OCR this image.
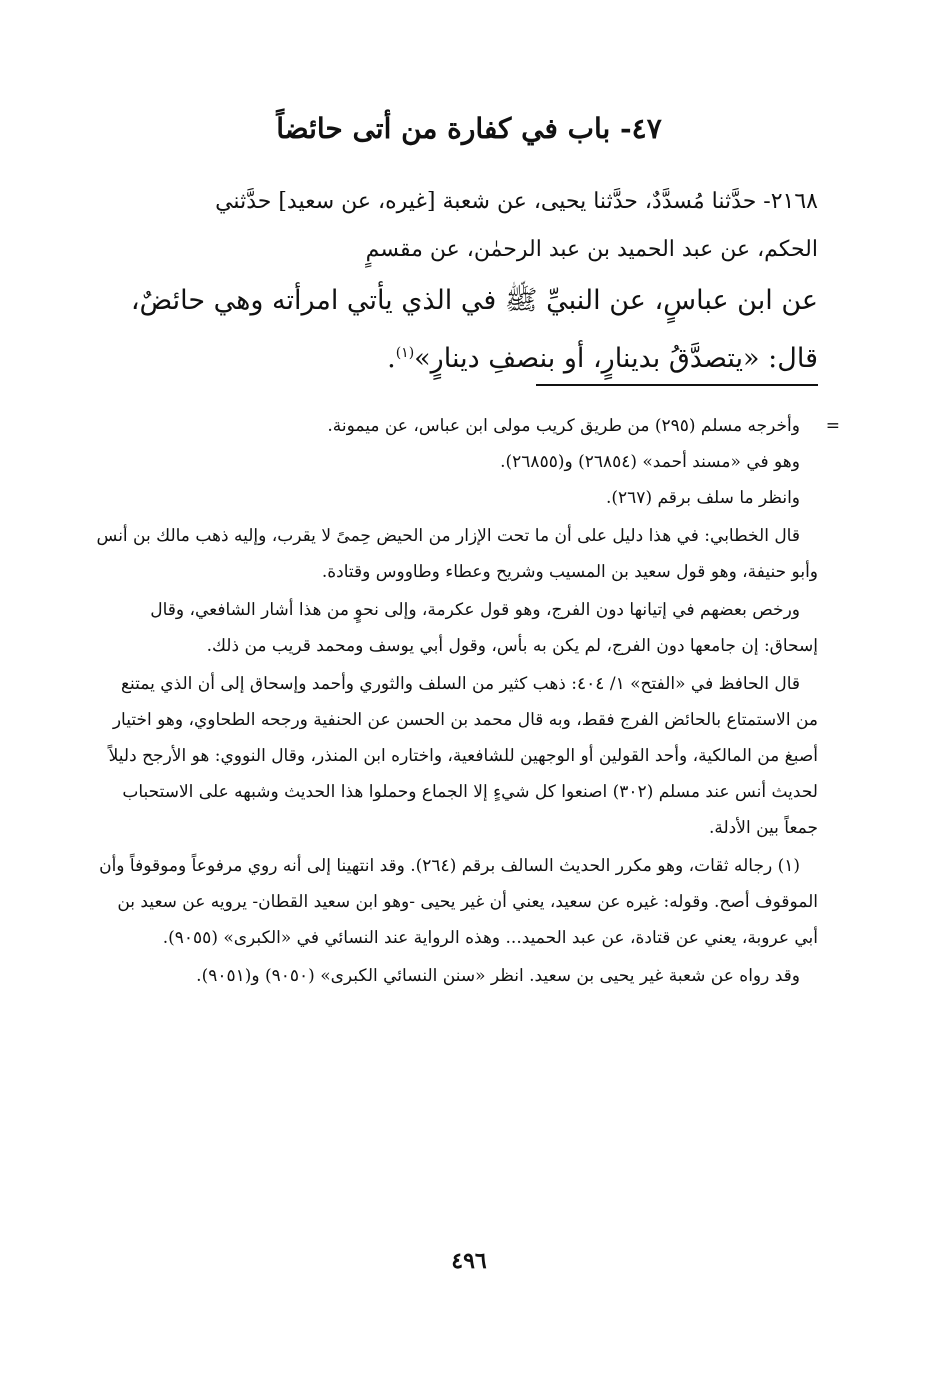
٤٧- باب في كفارة من أتى حائضاً
٢١٦٨- حدَّثنا مُسدَّدٌ، حدَّثنا يحيى، عن شعبة [غيره، عن سعيد] حدَّثني
الحكم، عن عبد الحميد بن عبد الرحمٰن، عن مقسمٍ
عن ابن عباسٍ، عن النبيِّ ﷺ في الذي يأتي امرأته وهي حائضٌ،
قال: «يتصدَّقُ بدينارٍ، أو بنصفِ دينارٍ»$^{(١)}$.

=
وأخرجه مسلم (٢٩٥) من طريق كريب مولى ابن عباس، عن ميمونة.

وهو في «مسند أحمد» (٢٦٨٥٤) و(٢٦٨٥٥).

وانظر ما سلف برقم (٢٦٧).

قال الخطابي: في هذا دليل على أن ما تحت الإزار من الحيض حِمىً لا يقرب، وإليه ذهب مالك بن أنس وأبو حنيفة، وهو قول سعيد بن المسيب وشريح وعطاء وطاووس وقتادة.

ورخص بعضهم في إتيانها دون الفرج، وهو قول عكرمة، وإلى نحوٍ من هذا أشار الشافعي، وقال إسحاق: إن جامعها دون الفرج، لم يكن به بأس، وقول أبي يوسف ومحمد قريب من ذلك.

قال الحافظ في «الفتح» ١/ ٤٠٤: ذهب كثير من السلف والثوري وأحمد وإسحاق إلى أن الذي يمتنع من الاستمتاع بالحائض الفرج فقط، وبه قال محمد بن الحسن عن الحنفية ورجحه الطحاوي، وهو اختيار أصبغ من المالكية، وأحد القولين أو الوجهين للشافعية، واختاره ابن المنذر، وقال النووي: هو الأرجح دليلاً لحديث أنس عند مسلم (٣٠٢) اصنعوا كل شيءٍ إلا الجماع وحملوا هذا الحديث وشبهه على الاستحباب جمعاً بين الأدلة.

(١) رجاله ثقات، وهو مكرر الحديث السالف برقم (٢٦٤). وقد انتهينا إلى أنه روي مرفوعاً وموقوفاً وأن الموقوف أصح. وقوله: غيره عن سعيد، يعني أن غير يحيى -وهو ابن سعيد القطان- يرويه عن سعيد بن أبي عروبة، يعني عن قتادة، عن عبد الحميد... وهذه الرواية عند النسائي في «الكبرى» (٩٠٥٥).

وقد رواه عن شعبة غير يحيى بن سعيد. انظر «سنن النسائي الكبرى» (٩٠٥٠) و(٩٠٥١).

٤٩٦
